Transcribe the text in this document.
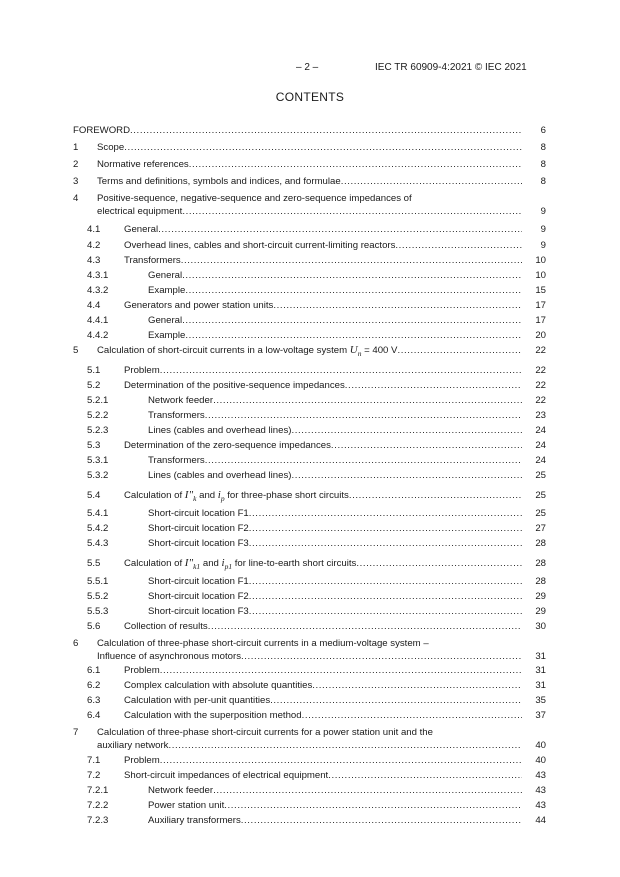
– 2 –	IEC TR 60909-4:2021 © IEC 2021
CONTENTS
FOREWORD .....	6
1 Scope .....	8
2 Normative references .....	8
3 Terms and definitions, symbols and indices, and formulae .....	8
4 Positive-sequence, negative-sequence and zero-sequence impedances of
electrical equipment .....	9
4.1 General .....	9
4.2 Overhead lines, cables and short-circuit current-limiting reactors .....	9
4.3 Transformers .....	10
4.3.1	General .....	10
4.3.2	Example .....	15
4.4 Generators and power station units .....	17
4.4.1	General .....	17
4.4.2	Example .....	20
5 Calculation of short-circuit currents in a low-voltage system $U_n = 400$ V .....	22
5.1 Problem .....	22
5.2 Determination of the positive-sequence impedances .....	22
5.2.1	Network feeder .....	22
5.2.2	Transformers .....	23
5.2.3	Lines (cables and overhead lines) .....	24
5.3 Determination of the zero-sequence impedances .....	24
5.3.1	Transformers .....	24
5.3.2	Lines (cables and overhead lines) .....	25
5.4 Calculation of $I"_k$ and $i_p$ for three-phase short circuits .....	25
5.4.1	Short-circuit location F1 .....	25
5.4.2	Short-circuit location F2 .....	27
5.4.3	Short-circuit location F3 .....	28
5.5 Calculation of $I"_{k1}$ and $i_{p1}$ for line-to-earth short circuits .....	28
5.5.1	Short-circuit location F1 .....	28
5.5.2	Short-circuit location F2 .....	29
5.5.3	Short-circuit location F3 .....	29
5.6 Collection of results .....	30
6 Calculation of three-phase short-circuit currents in a medium-voltage system –
Influence of asynchronous motors .....	31
6.1 Problem .....	31
6.2 Complex calculation with absolute quantities .....	31
6.3 Calculation with per-unit quantities .....	35
6.4 Calculation with the superposition method .....	37
7 Calculation of three-phase short-circuit currents for a power station unit and the
auxiliary network .....	40
7.1 Problem .....	40
7.2 Short-circuit impedances of electrical equipment .....	43
7.2.1	Network feeder .....	43
7.2.2	Power station unit .....	43
7.2.3	Auxiliary transformers .....	44
